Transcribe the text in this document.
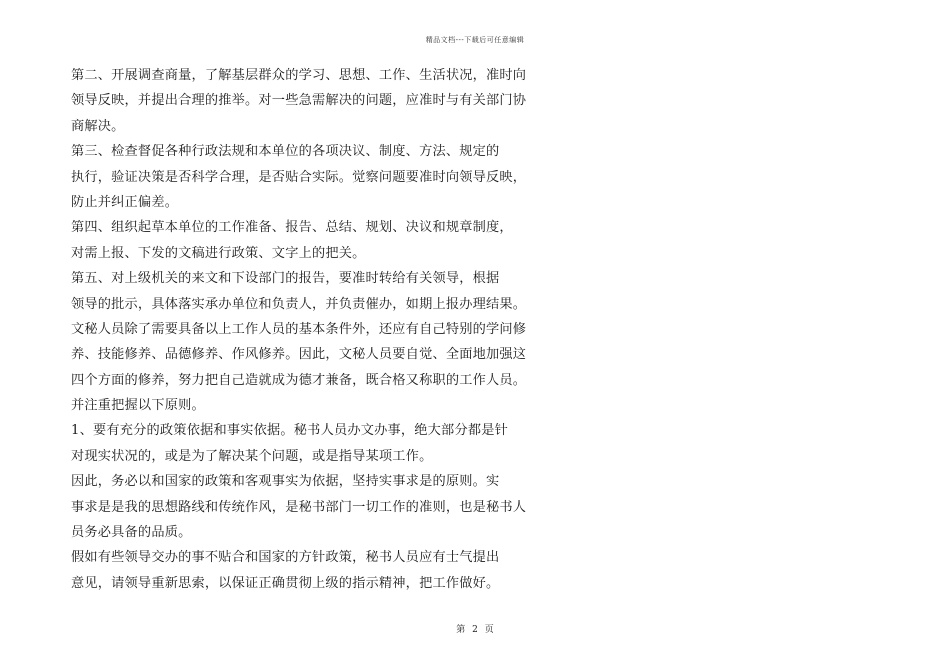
精品文档---下载后可任意编辑
第二、开展调查商量，了解基层群众的学习、思想、工作、生活状况，准时向
领导反映，并提出合理的推举。对一些急需解决的问题，应准时与有关部门协
商解决。
第三、检查督促各种行政法规和本单位的各项决议、制度、方法、规定的
执行，验证决策是否科学合理，是否贴合实际。觉察问题要准时向领导反映，
防止并纠正偏差。
第四、组织起草本单位的工作准备、报告、总结、规划、决议和规章制度，
对需上报、下发的文稿进行政策、文字上的把关。
第五、对上级机关的来文和下设部门的报告，要准时转给有关领导，根据
领导的批示，具体落实承办单位和负责人，并负责催办，如期上报办理结果。
文秘人员除了需要具备以上工作人员的基本条件外，还应有自己特别的学问修
养、技能修养、品德修养、作风修养。因此，文秘人员要自觉、全面地加强这
四个方面的修养，努力把自己造就成为德才兼备，既合格又称职的工作人员。
并注重把握以下原则。
1、要有充分的政策依据和事实依据。秘书人员办文办事，绝大部分都是针
对现实状况的，或是为了解决某个问题，或是指导某项工作。
因此，务必以和国家的政策和客观事实为依据，坚持实事求是的原则。实
事求是是我的思想路线和传统作风，是秘书部门一切工作的准则，也是秘书人
员务必具备的品质。
假如有些领导交办的事不贴合和国家的方针政策，秘书人员应有士气提出
意见，请领导重新思索，以保证正确贯彻上级的指示精神，把工作做好。
第 2 页
